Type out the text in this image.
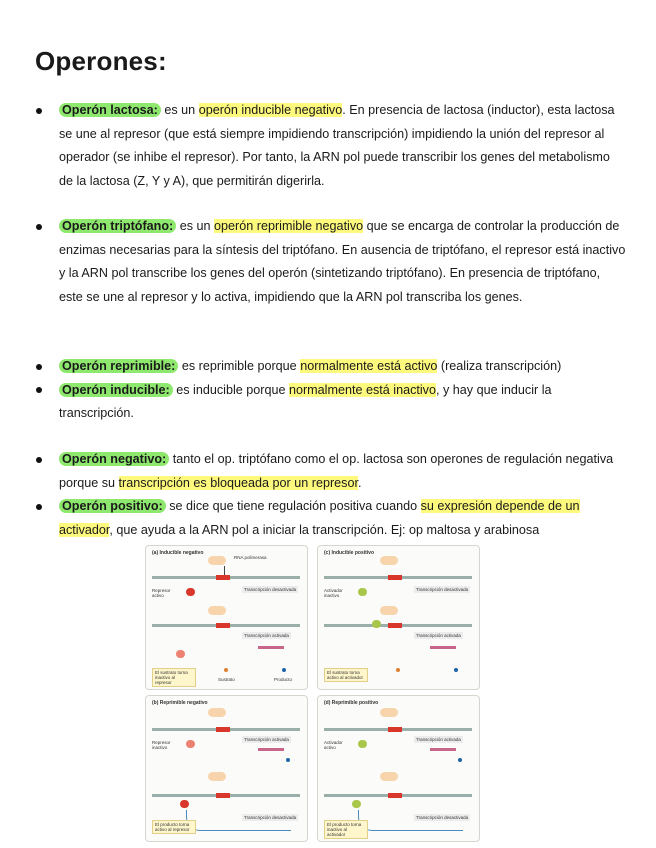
Operones:
Operón lactosa: es un operón inducible negativo. En presencia de lactosa (inductor), esta lactosa se une al represor (que está siempre impidiendo transcripción) impidiendo la unión del represor al operador (se inhibe el represor). Por tanto, la ARN pol puede transcribir los genes del metabolismo de la lactosa (Z, Y y A), que permitirán digerirla.
Operón triptófano: es un operón reprimible negativo que se encarga de controlar la producción de enzimas necesarias para la síntesis del triptófano. En ausencia de triptófano, el represor está inactivo y la ARN pol transcribe los genes del operón (sintetizando triptófano). En presencia de triptófano, este se une al represor y lo activa, impidiendo que la ARN pol transcriba los genes.
Operón reprimible: es reprimible porque normalmente está activo (realiza transcripción)
Operón inducible: es inducible porque normalmente está inactivo, y hay que inducir la transcripción.
Operón negativo: tanto el op. triptófano como el op. lactosa son operones de regulación negativa porque su transcripción es bloqueada por un represor.
Operón positivo: se dice que tiene regulación positiva cuando su expresión depende de un activador, que ayuda a la ARN pol a iniciar la transcripción. Ej: op maltosa y arabinosa
(a) Inducible negativo
RNA polimerasa
Represor activo
Transcripción desactivada
Transcripción activada
Sustrato	Producto
El sustrato torna inactivo al represor
(c) Inducible positivo
Activador inactivo
Transcripción desactivada
Transcripción activada
El sustrato torna activo al activador
(b) Reprimible negativo
Represor inactivo
Transcripción activada
Transcripción desactivada
El producto torna activo al represor
(d) Reprimible positivo
Activador activo
Transcripción activada
Transcripción desactivada
El producto torna inactivo al activador
